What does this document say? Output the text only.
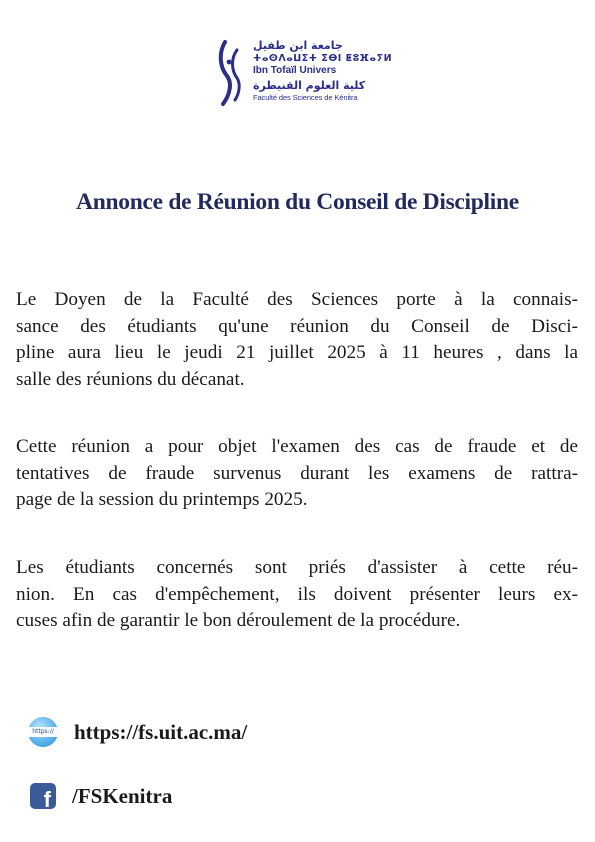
جامعة ابن طفيل
ⵜⴰⵙⴷⴰⵡⵉⵜ ⵉⴱⵏ ⵟⵓⴼⴰⵢⵍ
Ibn Tofaïl Univers
كلية العلوم القنيطرة
Faculté des Sciences de Kénitra
Annonce de Réunion du Conseil de Discipline

Le Doyen de la Faculté des Sciences porte à la connais-
sance des étudiants qu'une réunion du Conseil de Disci-
pline aura lieu le jeudi 21 juillet 2025 à 11 heures , dans la
salle des réunions du décanat.

Cette réunion a pour objet l'examen des cas de fraude et de
tentatives de fraude survenus durant les examens de rattra-
page de la session du printemps 2025.

Les étudiants concernés sont priés d'assister à cette réu-
nion. En cas d'empêchement, ils doivent présenter leurs ex-
cuses afin de garantir le bon déroulement de la procédure.

https:// https://fs.uit.ac.ma/
f /FSKenitra
